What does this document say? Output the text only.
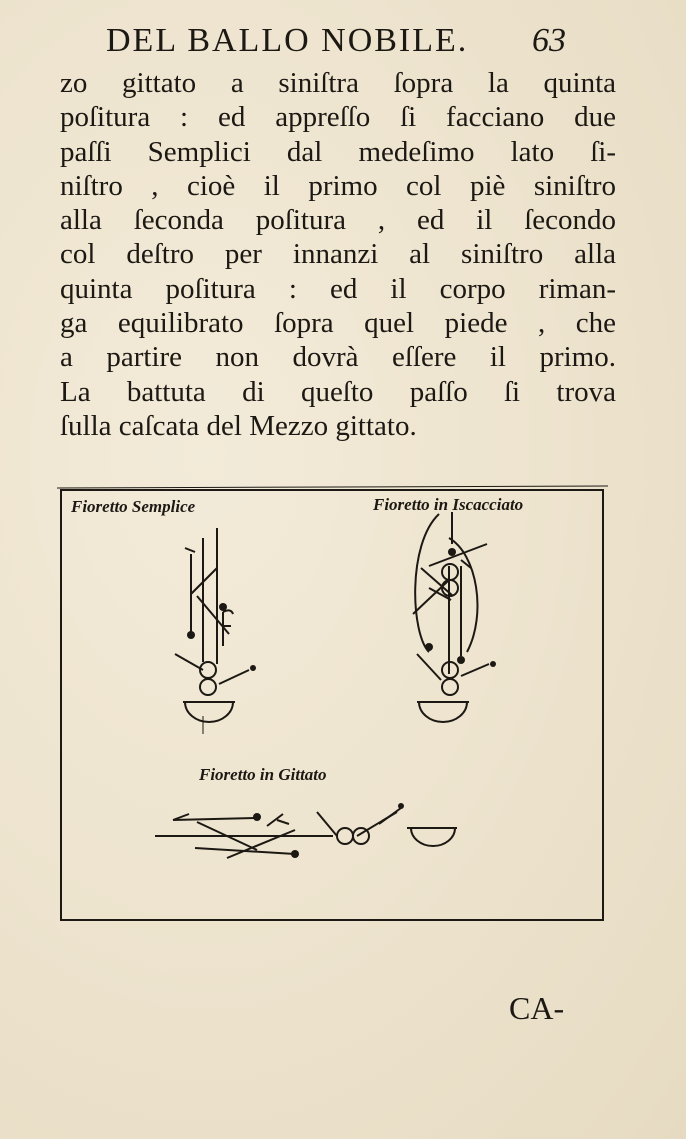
DEL BALLO NOBILE. 63
zo gittato a siniſtra ſopra la quinta
poſitura : ed appreſſo ſi facciano due
paſſi Semplici dal medeſimo lato ſi-
niſtro , cioè il primo col piè siniſtro
alla ſeconda poſitura , ed il ſecondo
col deſtro per innanzi al siniſtro alla
quinta poſitura : ed il corpo riman-
ga equilibrato ſopra quel piede , che
a partire non dovrà eſſere il primo.
La battuta di queſto paſſo ſi trova
ſulla caſcata del Mezzo gittato.
Fioretto Semplice	Fioretto in Iscacciato
Fioretto in Gittato
CA-
